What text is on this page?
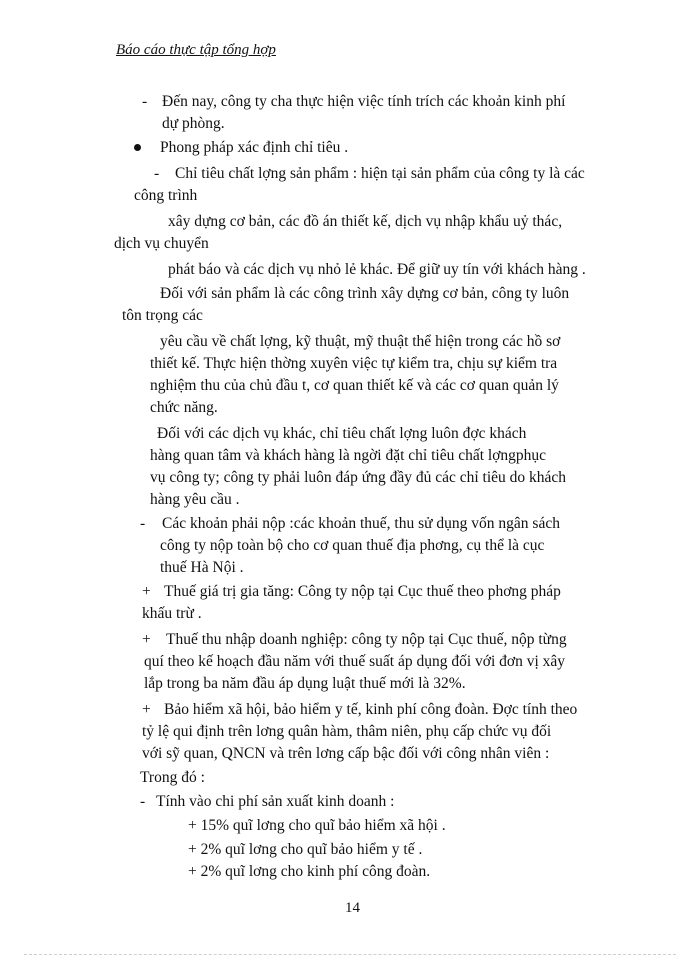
Báo cáo thực tập tổng hợp
- Đến nay, công ty cha thực hiện việc tính trích các khoản kinh phí
dự phòng.
Phong pháp xác định chỉ tiêu .
- Chỉ tiêu chất lợng sản phẩm : hiện tại sản phẩm của công ty là các
công trình
xây dựng cơ bản, các đồ án thiết kế, dịch vụ nhập khẩu uỷ thác,
dịch vụ chuyển
phát báo và các dịch vụ nhỏ lẻ khác. Để giữ uy tín với khách hàng .
Đối với sản phẩm là các công trình xây dựng cơ bản, công ty luôn
tôn trọng các
yêu cầu về chất lợng, kỹ thuật, mỹ thuật thể hiện trong các hồ sơ
thiết kế. Thực hiện thờng xuyên việc tự kiểm tra, chịu sự kiểm tra
nghiệm thu của chủ đầu t, cơ quan thiết kế và các cơ quan quản lý
chức năng.
Đối với các dịch vụ khác, chỉ tiêu chất lợng luôn đợc khách
hàng quan tâm và khách hàng là ngời đặt chỉ tiêu chất lợngphục
vụ công ty; công ty phải luôn đáp ứng đầy đủ các chỉ tiêu do khách
hàng yêu cầu .
- Các khoản phải nộp :các khoản thuế, thu sử dụng vốn ngân sách
công ty nộp toàn bộ cho cơ quan thuế địa phơng, cụ thể là cục
thuế Hà Nội .
+ Thuế giá trị gia tăng: Công ty nộp tại Cục thuế theo phơng pháp
khấu trừ .
+ Thuế thu nhập doanh nghiệp: công ty nộp tại Cục thuế, nộp từng
quí theo kế hoạch đầu năm với thuế suất áp dụng đối với đơn vị xây
lắp trong ba năm đầu áp dụng luật thuế mới là 32%.
+ Bảo hiểm xã hội, bảo hiểm y tế, kinh phí công đoàn. Đợc tính theo
tỷ lệ qui định trên lơng quân hàm, thâm niên, phụ cấp chức vụ đối
với sỹ quan, QNCN và trên lơng cấp bậc đối với công nhân viên :
Trong đó :
- Tính vào chi phí sản xuất kinh doanh :
+ 15% quĩ lơng cho quĩ bảo hiểm xã hội .
+ 2% quĩ lơng cho quĩ bảo hiểm y tế .
+ 2% quĩ lơng cho kinh phí công đoàn.
14
